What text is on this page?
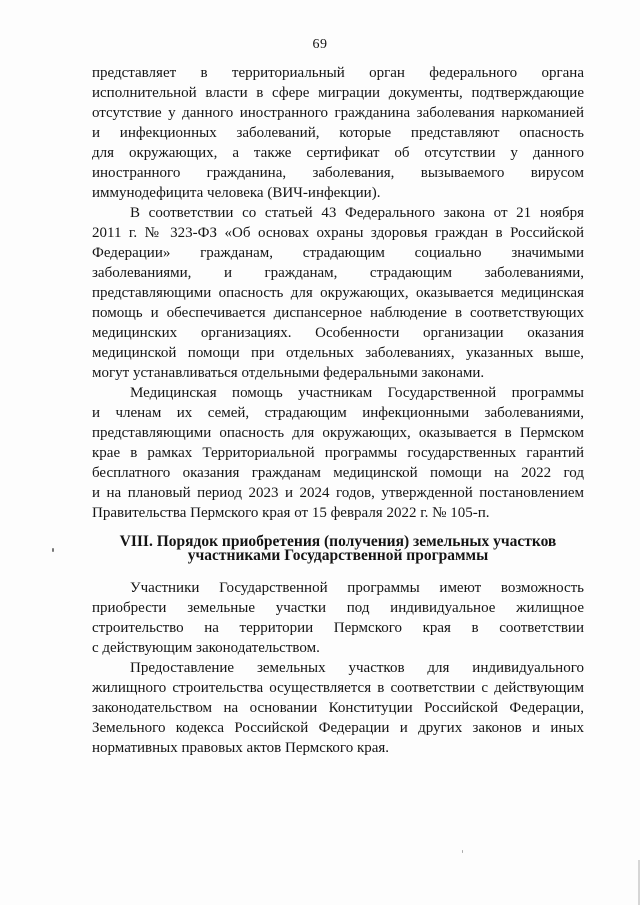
69
представляет в территориальный орган федерального органа
исполнительной власти в сфере миграции документы, подтверждающие
отсутствие у данного иностранного гражданина заболевания наркоманией
и инфекционных заболеваний, которые представляют опасность
для окружающих, а также сертификат об отсутствии у данного
иностранного гражданина, заболевания, вызываемого вирусом
иммунодефицита человека (ВИЧ-инфекции).
В соответствии со статьей 43 Федерального закона от 21 ноября
2011 г. № 323-ФЗ «Об основах охраны здоровья граждан в Российской
Федерации» гражданам, страдающим социально значимыми
заболеваниями, и гражданам, страдающим заболеваниями,
представляющими опасность для окружающих, оказывается медицинская
помощь и обеспечивается диспансерное наблюдение в соответствующих
медицинских организациях. Особенности организации оказания
медицинской помощи при отдельных заболеваниях, указанных выше,
могут устанавливаться отдельными федеральными законами.
Медицинская помощь участникам Государственной программы
и членам их семей, страдающим инфекционными заболеваниями,
представляющими опасность для окружающих, оказывается в Пермском
крае в рамках Территориальной программы государственных гарантий
бесплатного оказания гражданам медицинской помощи на 2022 год
и на плановый период 2023 и 2024 годов, утвержденной постановлением
Правительства Пермского края от 15 февраля 2022 г. № 105-п.
VIII. Порядок приобретения (получения) земельных участков
участниками Государственной программы
Участники Государственной программы имеют возможность
приобрести земельные участки под индивидуальное жилищное
строительство на территории Пермского края в соответствии
с действующим законодательством.
Предоставление земельных участков для индивидуального
жилищного строительства осуществляется в соответствии с действующим
законодательством на основании Конституции Российской Федерации,
Земельного кодекса Российской Федерации и других законов и иных
нормативных правовых актов Пермского края.
